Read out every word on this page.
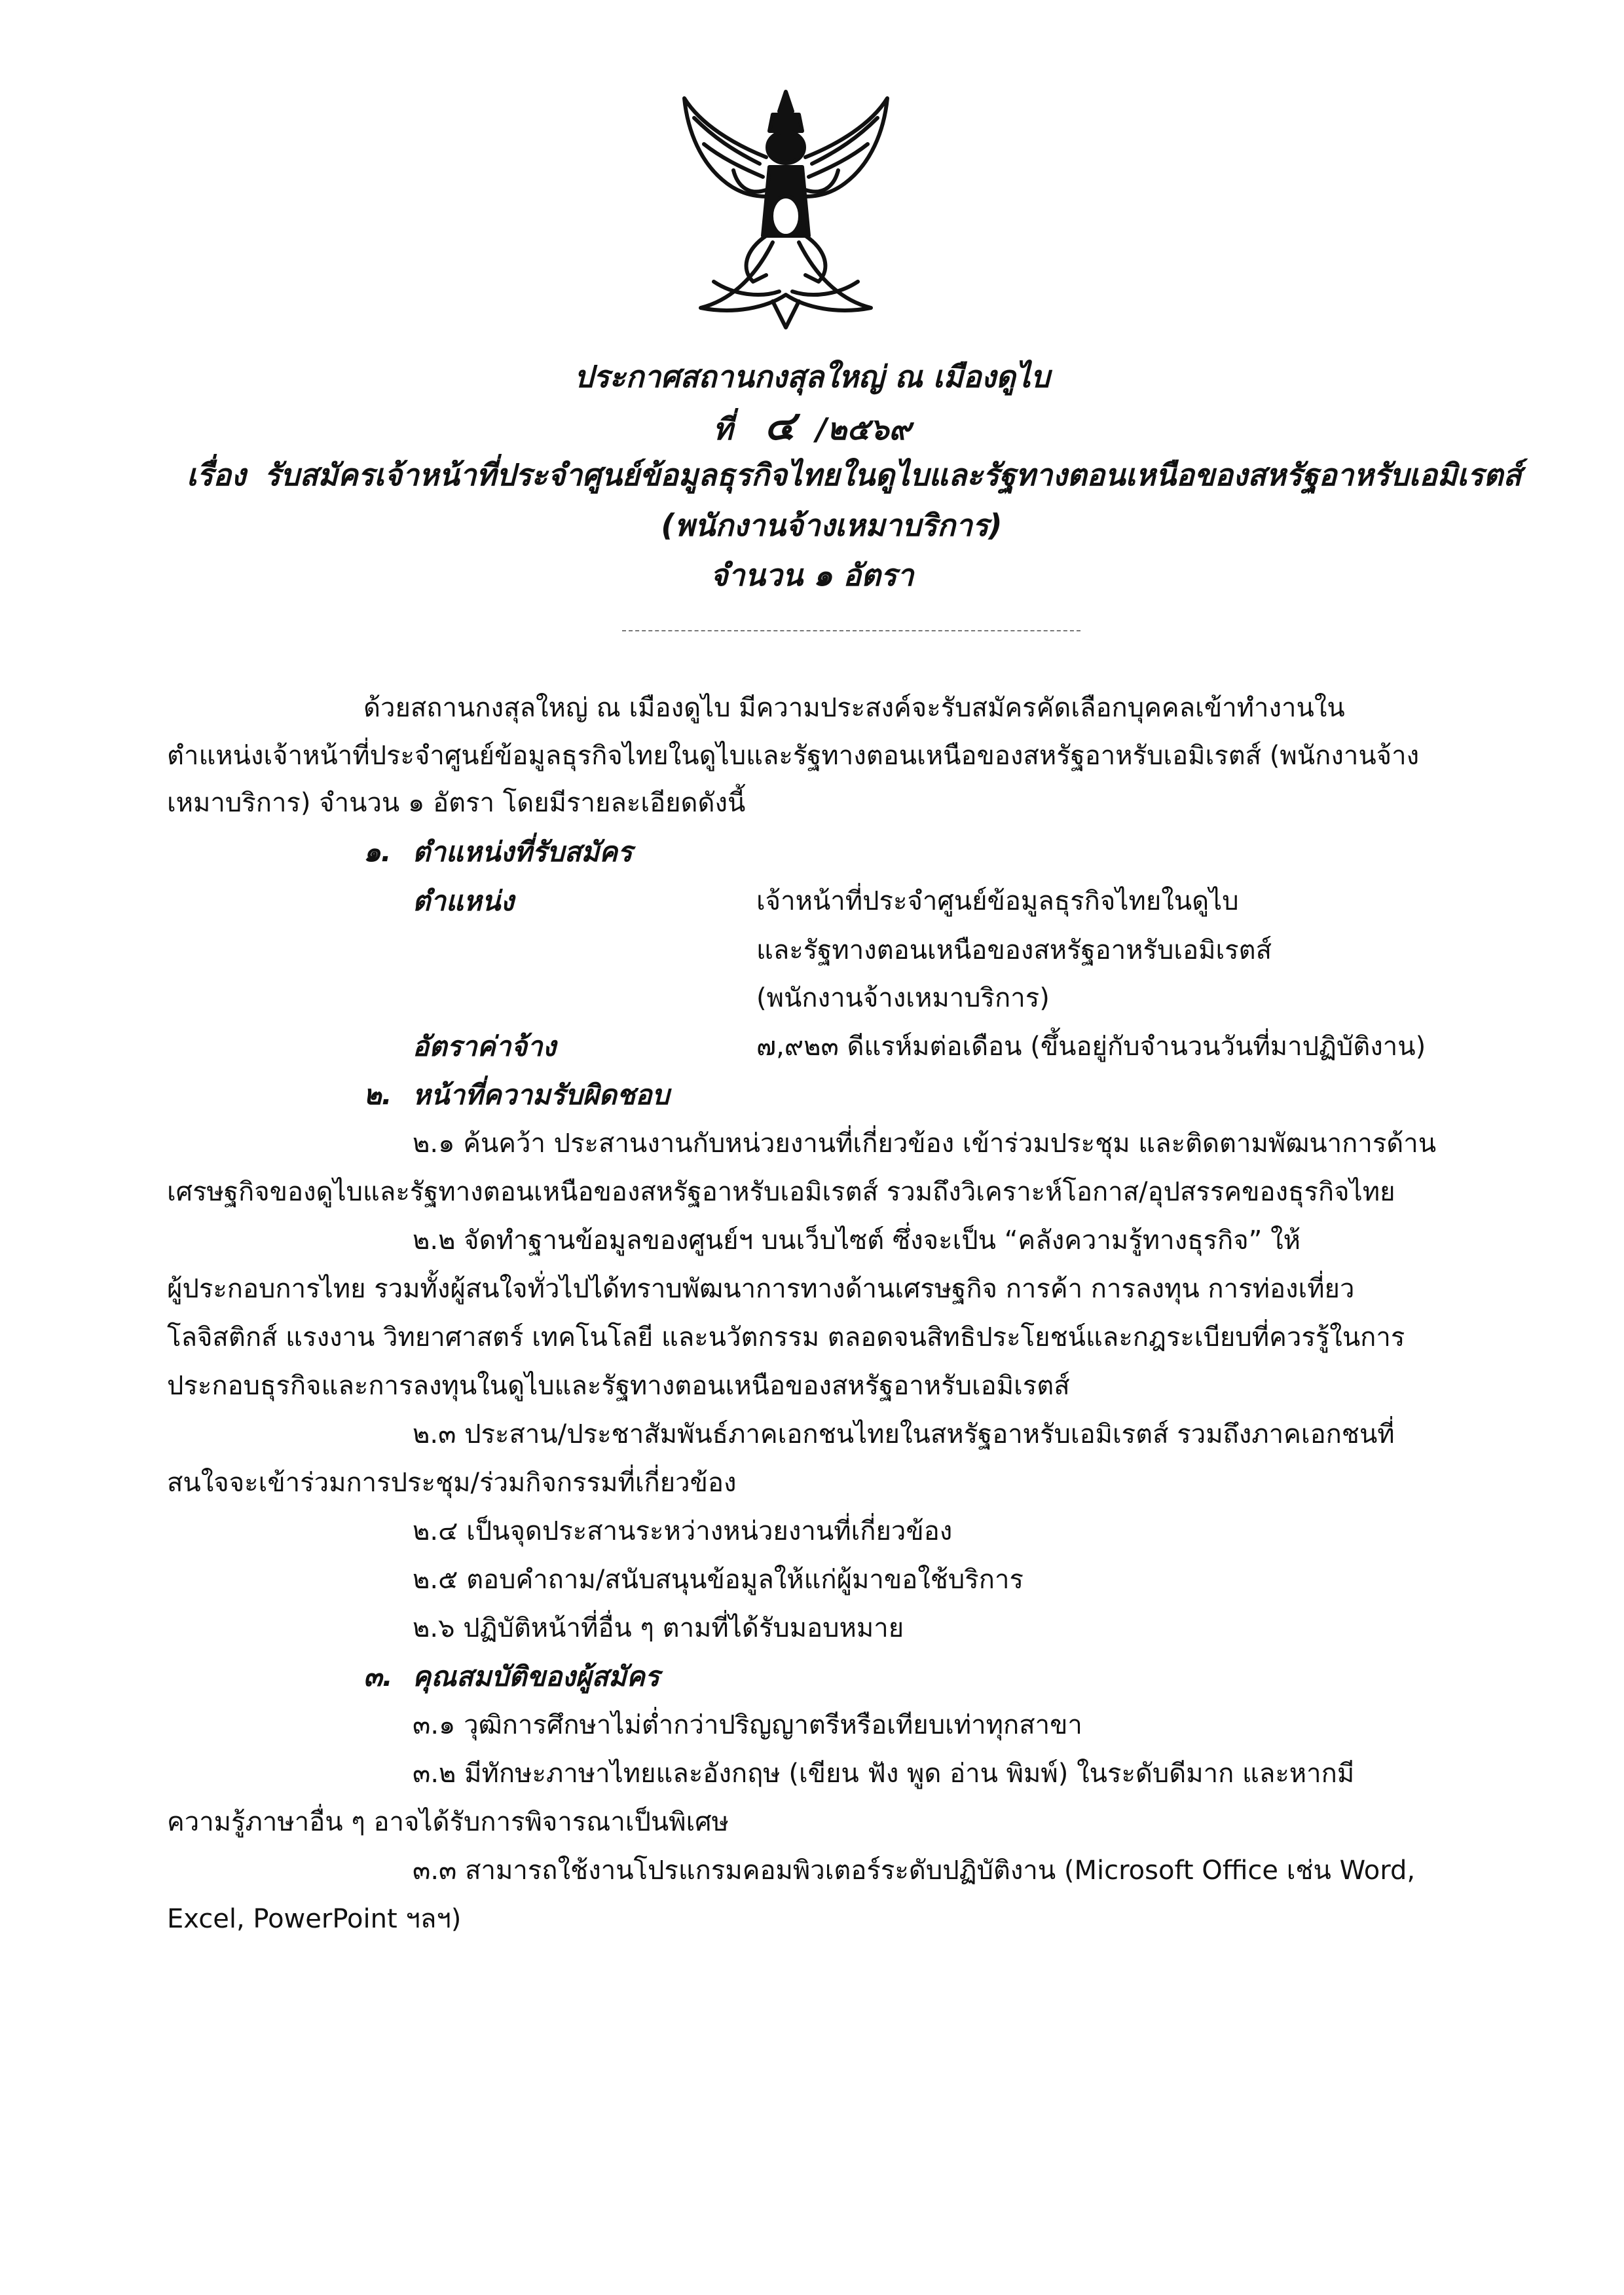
ประกาศสถานกงสุลใหญ่ ณ เมืองดูไบ
ที่ ๔ /๒๕๖๙
เรื่อง รับสมัครเจ้าหน้าที่ประจำศูนย์ข้อมูลธุรกิจไทยในดูไบและรัฐทางตอนเหนือของสหรัฐอาหรับเอมิเรตส์
(พนักงานจ้างเหมาบริการ)
จำนวน ๑ อัตรา
ด้วยสถานกงสุลใหญ่ ณ เมืองดูไบ มีความประสงค์จะรับสมัครคัดเลือกบุคคลเข้าทำงานใน
ตำแหน่งเจ้าหน้าที่ประจำศูนย์ข้อมูลธุรกิจไทยในดูไบและรัฐทางตอนเหนือของสหรัฐอาหรับเอมิเรตส์ (พนักงานจ้าง
เหมาบริการ) จำนวน ๑ อัตรา โดยมีรายละเอียดดังนี้
๑. ตำแหน่งที่รับสมัคร
ตำแหน่ง	เจ้าหน้าที่ประจำศูนย์ข้อมูลธุรกิจไทยในดูไบ
และรัฐทางตอนเหนือของสหรัฐอาหรับเอมิเรตส์
(พนักงานจ้างเหมาบริการ)
อัตราค่าจ้าง	๗,๙๒๓ ดีแรห์มต่อเดือน (ขึ้นอยู่กับจำนวนวันที่มาปฏิบัติงาน)
๒. หน้าที่ความรับผิดชอบ
๒.๑ ค้นคว้า ประสานงานกับหน่วยงานที่เกี่ยวข้อง เข้าร่วมประชุม และติดตามพัฒนาการด้าน
เศรษฐกิจของดูไบและรัฐทางตอนเหนือของสหรัฐอาหรับเอมิเรตส์ รวมถึงวิเคราะห์โอกาส/อุปสรรคของธุรกิจไทย
๒.๒ จัดทำฐานข้อมูลของศูนย์ฯ บนเว็บไซต์ ซึ่งจะเป็น “คลังความรู้ทางธุรกิจ” ให้
ผู้ประกอบการไทย รวมทั้งผู้สนใจทั่วไปได้ทราบพัฒนาการทางด้านเศรษฐกิจ การค้า การลงทุน การท่องเที่ยว
โลจิสติกส์ แรงงาน วิทยาศาสตร์ เทคโนโลยี และนวัตกรรม ตลอดจนสิทธิประโยชน์และกฎระเบียบที่ควรรู้ในการ
ประกอบธุรกิจและการลงทุนในดูไบและรัฐทางตอนเหนือของสหรัฐอาหรับเอมิเรตส์
๒.๓ ประสาน/ประชาสัมพันธ์ภาคเอกชนไทยในสหรัฐอาหรับเอมิเรตส์ รวมถึงภาคเอกชนที่
สนใจจะเข้าร่วมการประชุม/ร่วมกิจกรรมที่เกี่ยวข้อง
๒.๔ เป็นจุดประสานระหว่างหน่วยงานที่เกี่ยวข้อง
๒.๕ ตอบคำถาม/สนับสนุนข้อมูลให้แก่ผู้มาขอใช้บริการ
๒.๖ ปฏิบัติหน้าที่อื่น ๆ ตามที่ได้รับมอบหมาย
๓. คุณสมบัติของผู้สมัคร
๓.๑ วุฒิการศึกษาไม่ต่ำกว่าปริญญาตรีหรือเทียบเท่าทุกสาขา
๓.๒ มีทักษะภาษาไทยและอังกฤษ (เขียน ฟัง พูด อ่าน พิมพ์) ในระดับดีมาก และหากมี
ความรู้ภาษาอื่น ๆ อาจได้รับการพิจารณาเป็นพิเศษ
๓.๓ สามารถใช้งานโปรแกรมคอมพิวเตอร์ระดับปฏิบัติงาน (Microsoft Office เช่น Word,
Excel, PowerPoint ฯลฯ)
